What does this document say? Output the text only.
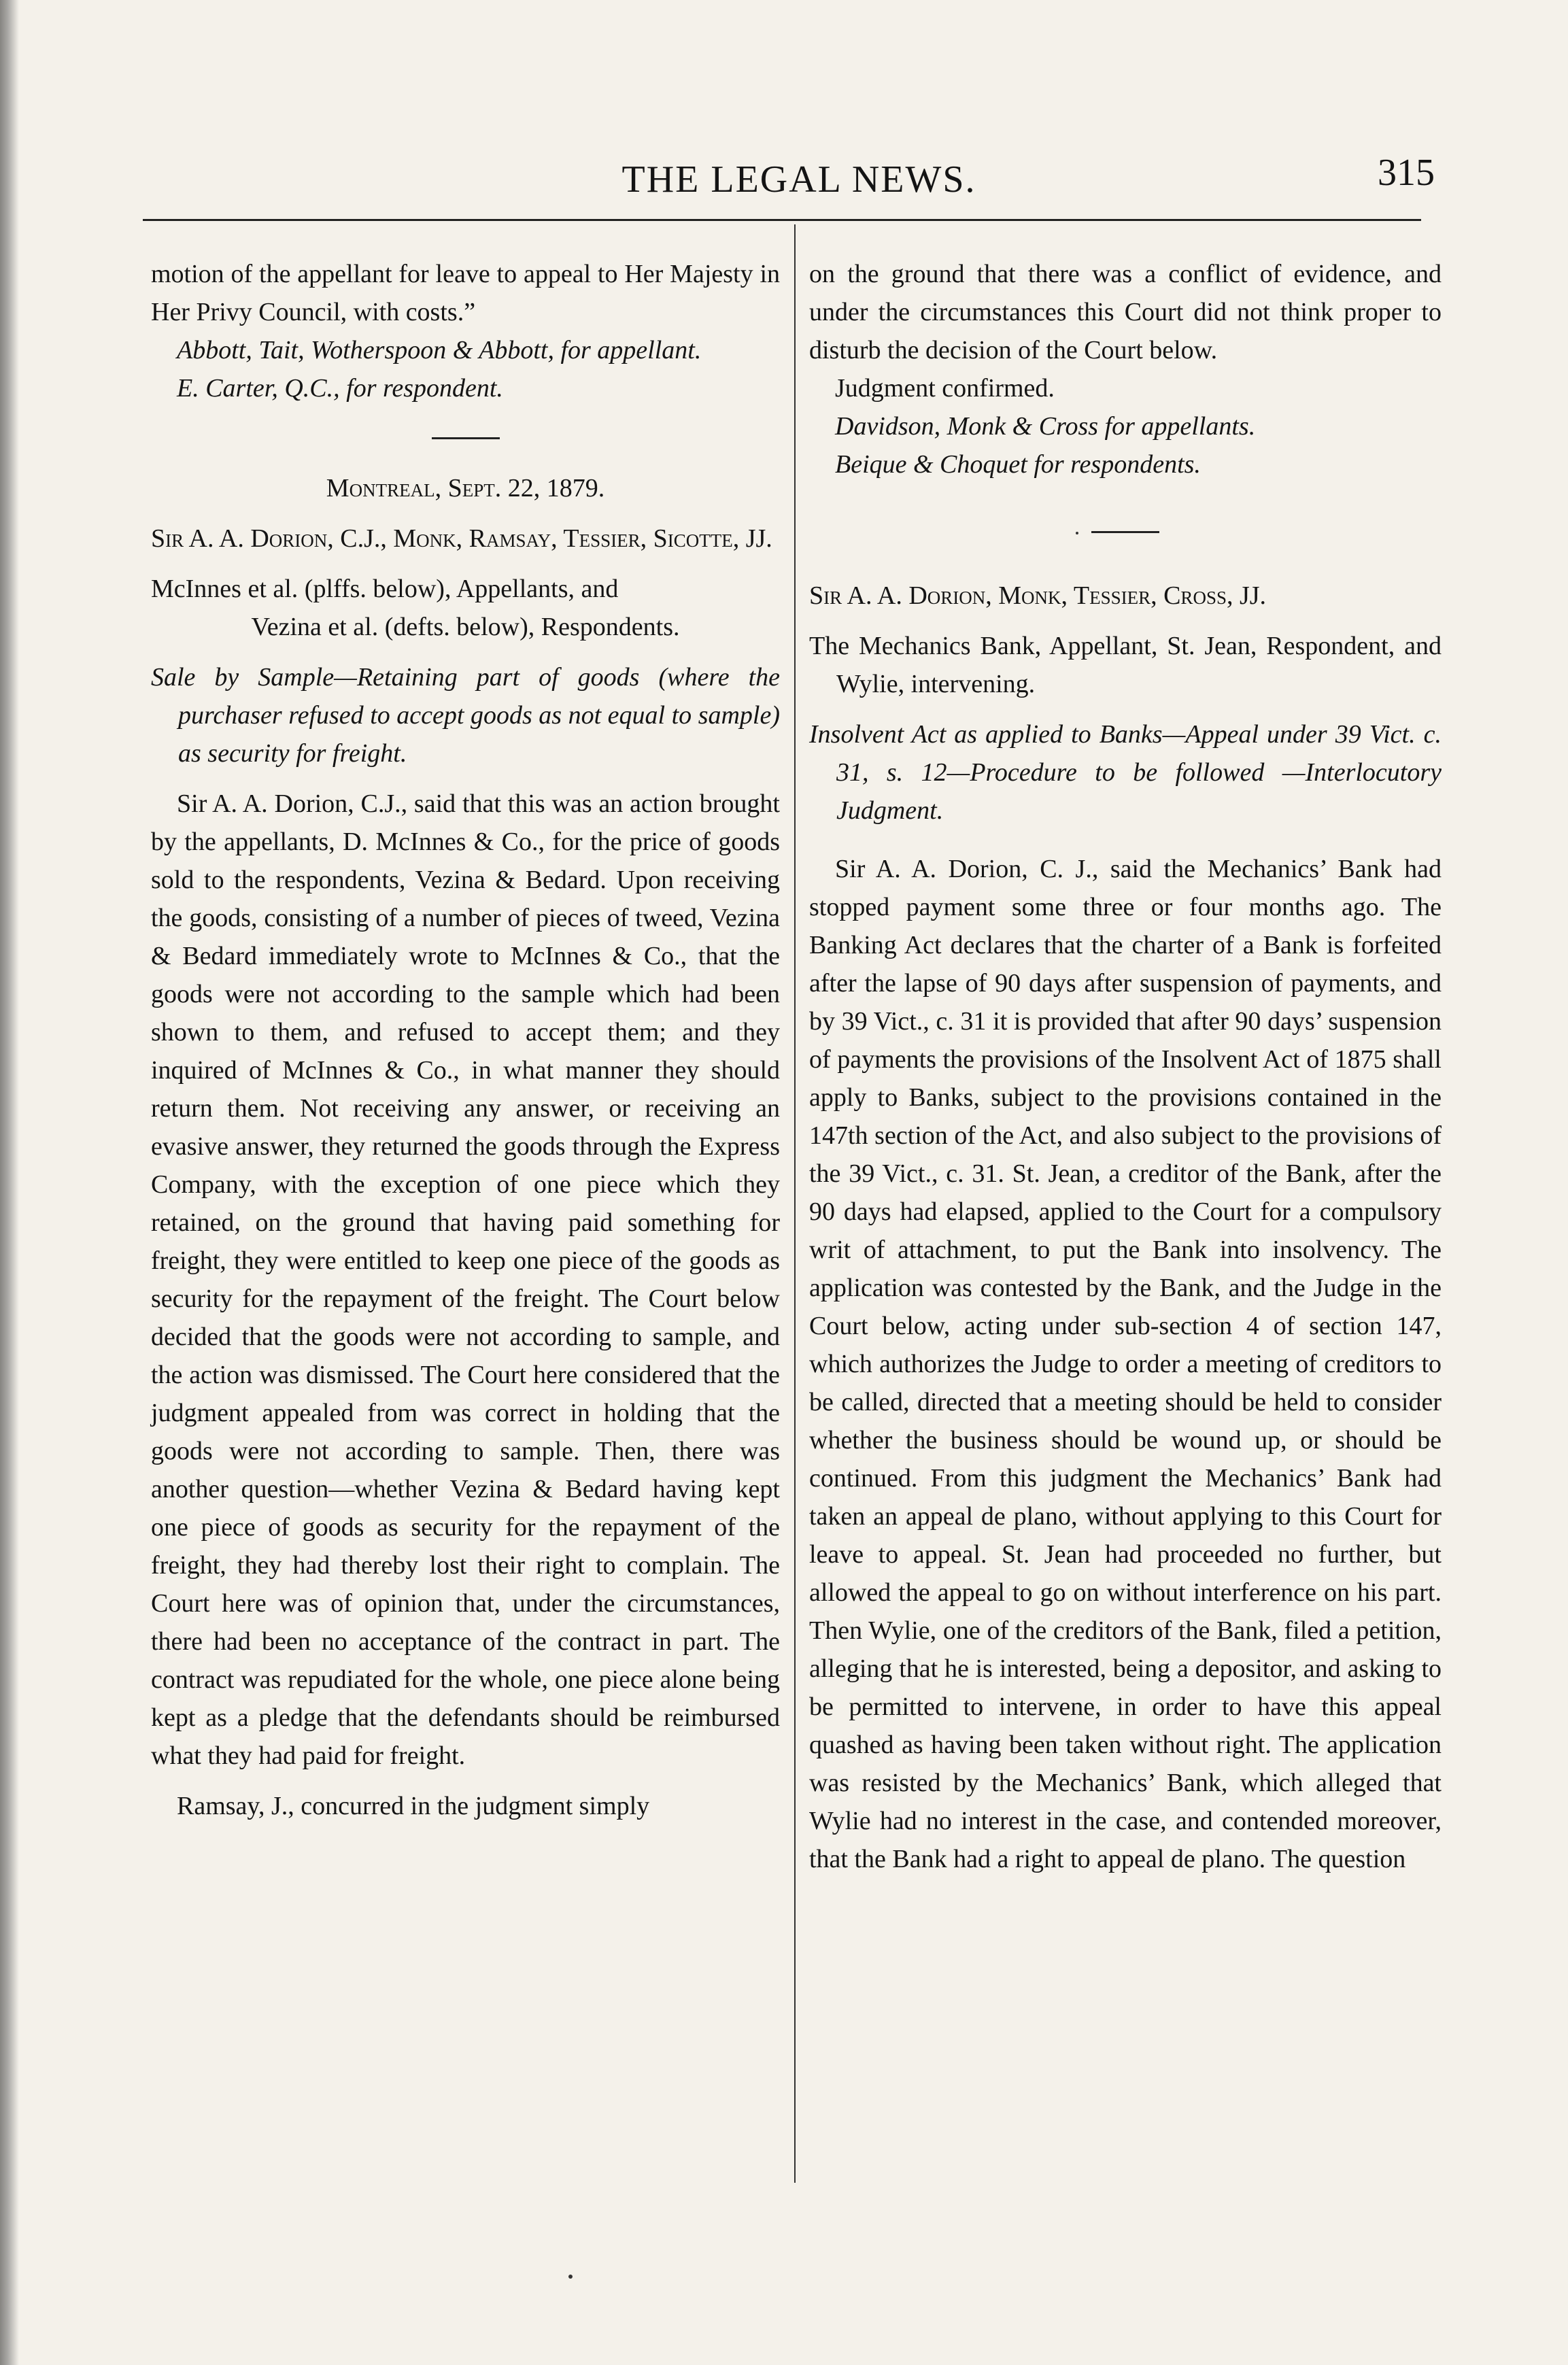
THE LEGAL NEWS.	315

motion of the appellant for leave to appeal to Her Majesty in Her Privy Council, with costs.”

Abbott, Tait, Wotherspoon & Abbott, for appellant.

E. Carter, Q.C., for respondent.

Montreal, Sept. 22, 1879.

Sir A. A. Dorion, C.J., Monk, Ramsay, Tessier, Sicotte, JJ.

McInnes et al. (plffs. below), Appellants, and

Vezina et al. (defts. below), Respondents.

Sale by Sample—Retaining part of goods (where the purchaser refused to accept goods as not equal to sample) as security for freight.

Sir A. A. Dorion, C.J., said that this was an action brought by the appellants, D. McInnes & Co., for the price of goods sold to the respondents, Vezina & Bedard. Upon receiving the goods, consisting of a number of pieces of tweed, Vezina & Bedard immediately wrote to McInnes & Co., that the goods were not according to the sample which had been shown to them, and refused to accept them; and they inquired of McInnes & Co., in what manner they should return them. Not receiving any answer, or receiving an evasive answer, they returned the goods through the Express Company, with the exception of one piece which they retained, on the ground that having paid something for freight, they were entitled to keep one piece of the goods as security for the repayment of the freight. The Court below decided that the goods were not according to sample, and the action was dismissed. The Court here considered that the judgment appealed from was correct in holding that the goods were not according to sample. Then, there was another question—whether Vezina & Bedard having kept one piece of goods as security for the repayment of the freight, they had thereby lost their right to complain. The Court here was of opinion that, under the circumstances, there had been no acceptance of the contract in part. The contract was repudiated for the whole, one piece alone being kept as a pledge that the defendants should be reimbursed what they had paid for freight.

Ramsay, J., concurred in the judgment simply

on the ground that there was a conflict of evidence, and under the circumstances this Court did not think proper to disturb the decision of the Court below.

Judgment confirmed.

Davidson, Monk & Cross for appellants.

Beique & Choquet for respondents.

Sir A. A. Dorion, Monk, Tessier, Cross, JJ.

The Mechanics Bank, Appellant, St. Jean, Respondent, and Wylie, intervening.

Insolvent Act as applied to Banks—Appeal under 39 Vict. c. 31, s. 12—Procedure to be followed —Interlocutory Judgment.

Sir A. A. Dorion, C. J., said the Mechanics’ Bank had stopped payment some three or four months ago. The Banking Act declares that the charter of a Bank is forfeited after the lapse of 90 days after suspension of payments, and by 39 Vict., c. 31 it is provided that after 90 days’ suspension of payments the provisions of the Insolvent Act of 1875 shall apply to Banks, subject to the provisions contained in the 147th section of the Act, and also subject to the provisions of the 39 Vict., c. 31. St. Jean, a creditor of the Bank, after the 90 days had elapsed, applied to the Court for a compulsory writ of attachment, to put the Bank into insolvency. The application was contested by the Bank, and the Judge in the Court below, acting under sub-section 4 of section 147, which authorizes the Judge to order a meeting of creditors to be called, directed that a meeting should be held to consider whether the business should be wound up, or should be continued. From this judgment the Mechanics’ Bank had taken an appeal de plano, without applying to this Court for leave to appeal. St. Jean had proceeded no further, but allowed the appeal to go on without interference on his part. Then Wylie, one of the creditors of the Bank, filed a petition, alleging that he is interested, being a depositor, and asking to be permitted to intervene, in order to have this appeal quashed as having been taken without right. The application was resisted by the Mechanics’ Bank, which alleged that Wylie had no interest in the case, and contended moreover, that the Bank had a right to appeal de plano. The question
